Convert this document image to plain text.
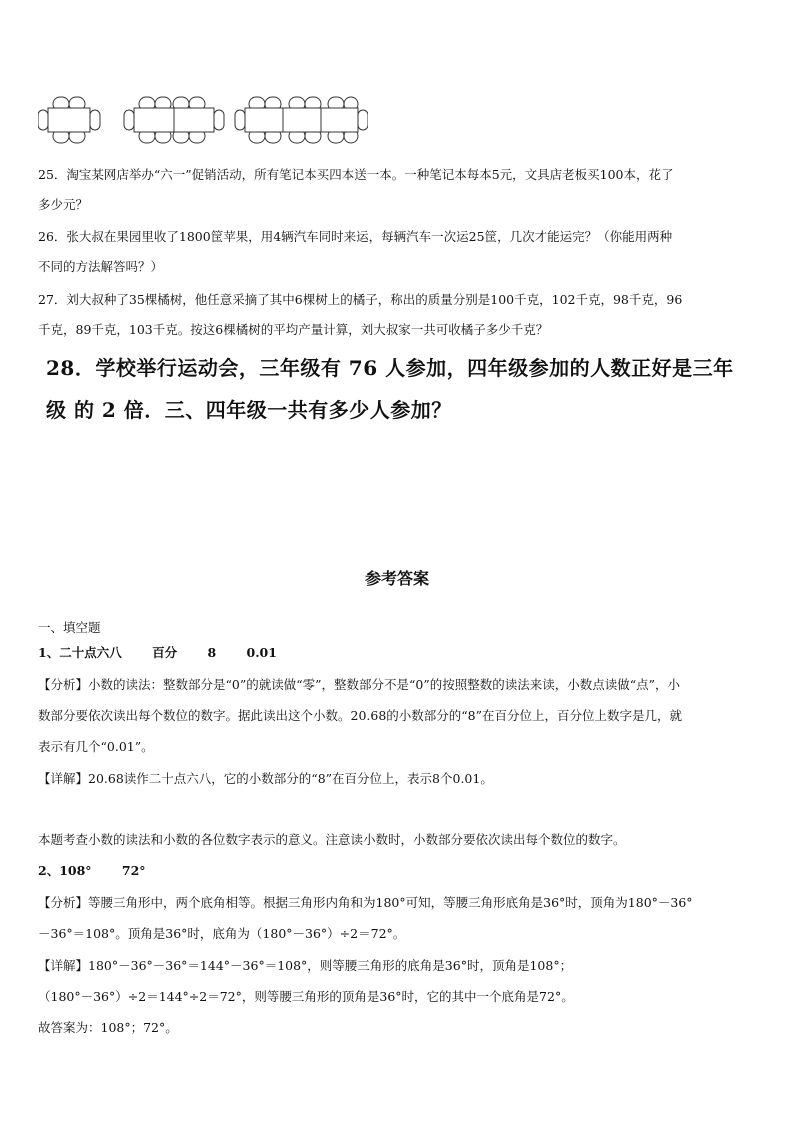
25．淘宝某网店举办“六一”促销活动，所有笔记本买四本送一本。一种笔记本每本5元，文具店老板买100本，花了
多少元？
26．张大叔在果园里收了1800筐苹果，用4辆汽车同时来运，每辆汽车一次运25筐，几次才能运完？（你能用两种
不同的方法解答吗？）
27．刘大叔种了35棵橘树，他任意采摘了其中6棵树上的橘子，称出的质量分别是100千克，102千克，98千克，96
千克，89千克，103千克。按这6棵橘树的平均产量计算，刘大叔家一共可收橘子多少千克？
28．学校举行运动会，三年级有 76 人参加，四年级参加的人数正好是三年
级 的 2 倍．三、四年级一共有多少人参加？
参考答案
一、填空题
1、二十点六八 百分 8 0.01
【分析】小数的读法：整数部分是“0”的就读做“零”，整数部分不是“0”的按照整数的读法来读，小数点读做“点”，小
数部分要依次读出每个数位的数字。据此读出这个小数。20.68的小数部分的“8”在百分位上，百分位上数字是几，就
表示有几个“0.01”。
【详解】20.68读作二十点六八，它的小数部分的“8”在百分位上，表示8个0.01。
本题考查小数的读法和小数的各位数字表示的意义。注意读小数时，小数部分要依次读出每个数位的数字。
2、108° 72°
【分析】等腰三角形中，两个底角相等。根据三角形内角和为180°可知，等腰三角形底角是36°时，顶角为180°－36°
－36°＝108°。顶角是36°时，底角为（180°－36°）÷2＝72°。
【详解】180°－36°－36°＝144°－36°＝108°，则等腰三角形的底角是36°时，顶角是108°；
（180°－36°）÷2＝144°÷2＝72°，则等腰三角形的顶角是36°时，它的其中一个底角是72°。
故答案为：108°；72°。
